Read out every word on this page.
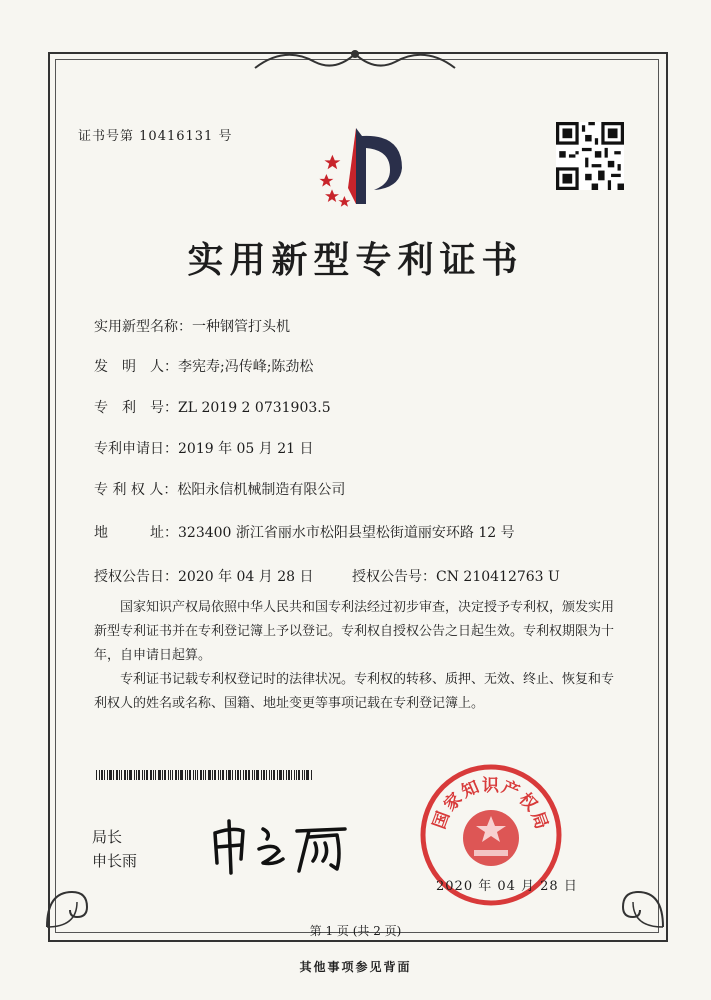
证书号第 10416131 号
实用新型专利证书
实用新型名称：一种钢管打头机
发　明　人：李宪寿;冯传峰;陈劲松
专　利　号：ZL 2019 2 0731903.5
专利申请日：2019 年 05 月 21 日
专 利 权 人：松阳永信机械制造有限公司
地　　　址：323400 浙江省丽水市松阳县望松街道丽安环路 12 号
授权公告日：2020 年 04 月 28 日	授权公告号：CN 210412763 U
国家知识产权局依照中华人民共和国专利法经过初步审查，决定授予专利权，颁发实用新型专利证书并在专利登记簿上予以登记。专利权自授权公告之日起生效。专利权期限为十年，自申请日起算。
专利证书记载专利权登记时的法律状况。专利权的转移、质押、无效、终止、恢复和专利权人的姓名或名称、国籍、地址变更等事项记载在专利登记簿上。
局长
申长雨
国
家
知 识 产
权
局
2020 年 04 月 28 日
第 1 页 (共 2 页)
其他事项参见背面
